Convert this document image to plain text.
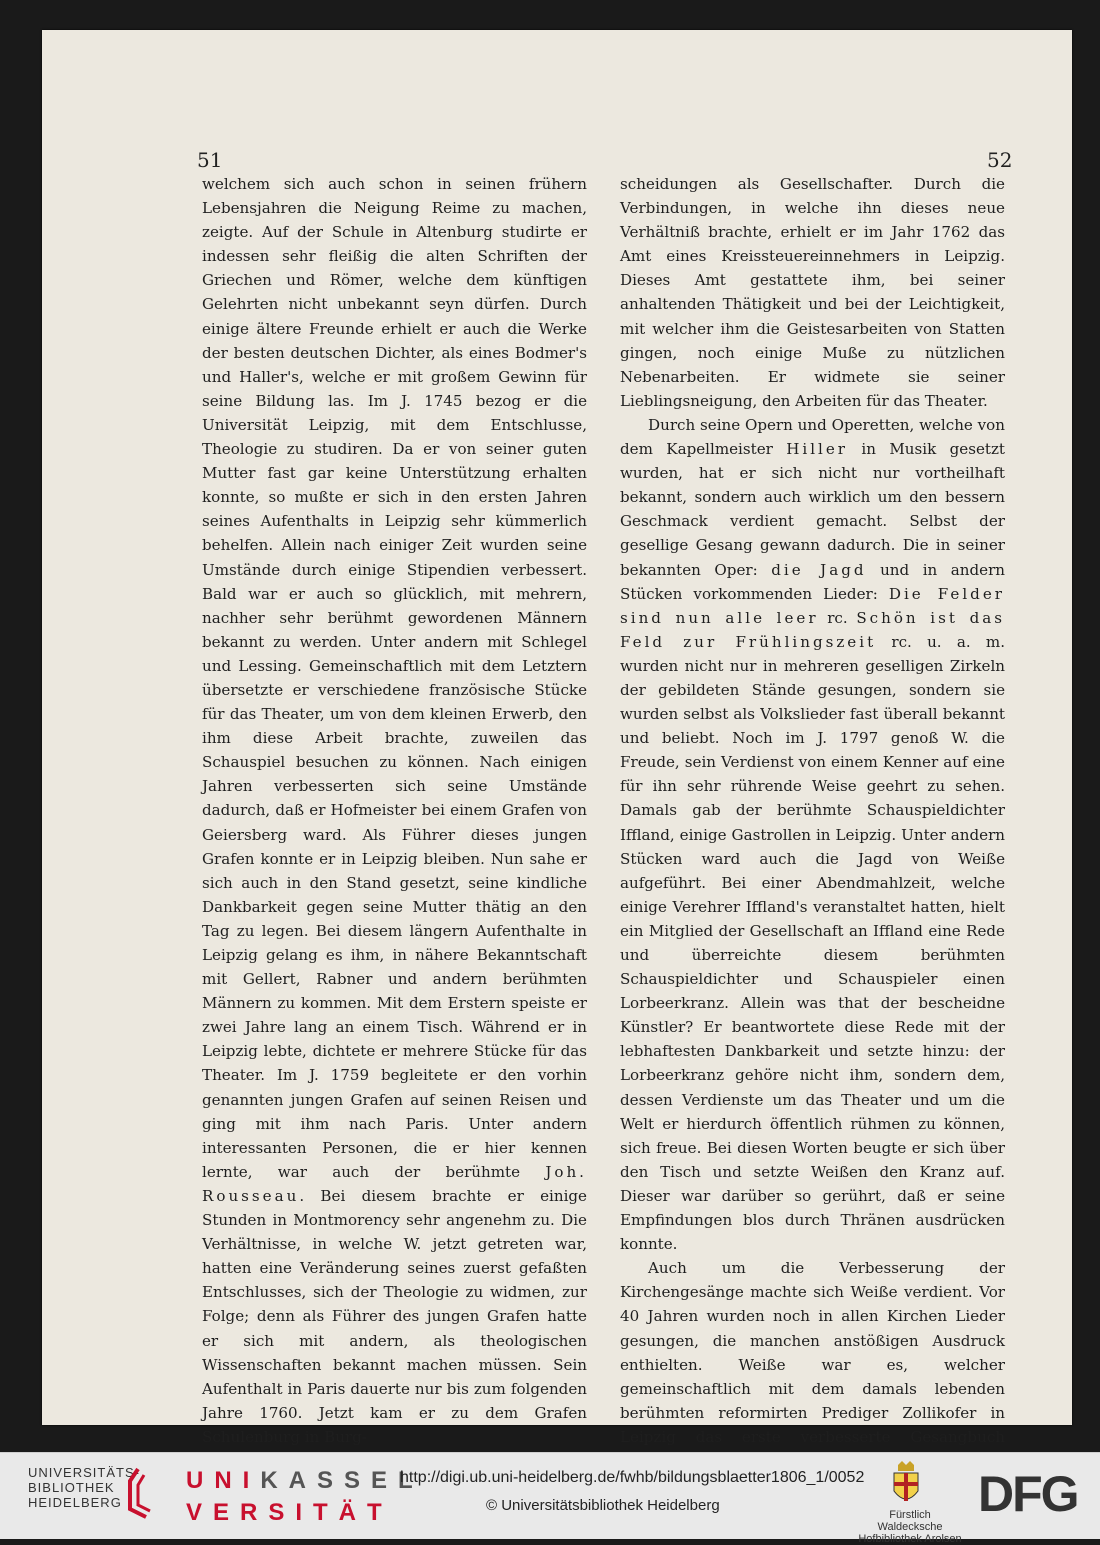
51	52

welchem sich auch schon in seinen frühern Lebensjahren die Neigung Reime zu machen, zeigte. Auf der Schule in Altenburg studirte er indessen sehr fleißig die alten Schriften der Griechen und Römer, welche dem künftigen Gelehrten nicht unbekannt seyn dürfen. Durch einige ältere Freunde erhielt er auch die Werke der besten deutschen Dichter, als eines Bodmer's und Haller's, welche er mit großem Gewinn für seine Bildung las. Im J. 1745 bezog er die Universität Leipzig, mit dem Entschlusse, Theologie zu studiren. Da er von seiner guten Mutter fast gar keine Unterstützung erhalten konnte, so mußte er sich in den ersten Jahren seines Aufenthalts in Leipzig sehr kümmerlich behelfen. Allein nach einiger Zeit wurden seine Umstände durch einige Stipendien verbessert. Bald war er auch so glücklich, mit mehrern, nachher sehr berühmt gewordenen Männern bekannt zu werden. Unter andern mit Schlegel und Lessing. Gemeinschaftlich mit dem Letztern übersetzte er verschiedene französische Stücke für das Theater, um von dem kleinen Erwerb, den ihm diese Arbeit brachte, zuweilen das Schauspiel besuchen zu können. Nach einigen Jahren verbesserten sich seine Umstände dadurch, daß er Hofmeister bei einem Grafen von Geiersberg ward. Als Führer dieses jungen Grafen konnte er in Leipzig bleiben. Nun sahe er sich auch in den Stand gesetzt, seine kindliche Dankbarkeit gegen seine Mutter thätig an den Tag zu legen. Bei diesem längern Aufenthalte in Leipzig gelang es ihm, in nähere Bekanntschaft mit Gellert, Rabner und andern berühmten Männern zu kommen. Mit dem Erstern speiste er zwei Jahre lang an einem Tisch. Während er in Leipzig lebte, dichtete er mehrere Stücke für das Theater. Im J. 1759 begleitete er den vorhin genannten jungen Grafen auf seinen Reisen und ging mit ihm nach Paris. Unter andern interessanten Personen, die er hier kennen lernte, war auch der berühmte Joh. Rousseau. Bei diesem brachte er einige Stunden in Montmorency sehr angenehm zu. Die Verhältnisse, in welche W. jetzt getreten war, hatten eine Veränderung seines zuerst gefaßten Entschlusses, sich der Theologie zu widmen, zur Folge; denn als Führer des jungen Grafen hatte er sich mit andern, als theologischen Wissenschaften bekannt machen müssen. Sein Aufenthalt in Paris dauerte nur bis zum folgenden Jahre 1760. Jetzt kam er zu dem Grafen Schulenburg in Burg-

scheidungen als Gesellschafter. Durch die Verbindungen, in welche ihn dieses neue Verhältniß brachte, erhielt er im Jahr 1762 das Amt eines Kreissteuereinnehmers in Leipzig. Dieses Amt gestattete ihm, bei seiner anhaltenden Thätigkeit und bei der Leichtigkeit, mit welcher ihm die Geistesarbeiten von Statten gingen, noch einige Muße zu nützlichen Nebenarbeiten. Er widmete sie seiner Lieblingsneigung, den Arbeiten für das Theater.

Durch seine Opern und Operetten, welche von dem Kapellmeister Hiller in Musik gesetzt wurden, hat er sich nicht nur vortheilhaft bekannt, sondern auch wirklich um den bessern Geschmack verdient gemacht. Selbst der gesellige Gesang gewann dadurch. Die in seiner bekannten Oper: die Jagd und in andern Stücken vorkommenden Lieder: Die Felder sind nun alle leer rc. Schön ist das Feld zur Frühlingszeit rc. u. a. m. wurden nicht nur in mehreren geselligen Zirkeln der gebildeten Stände gesungen, sondern sie wurden selbst als Volkslieder fast überall bekannt und beliebt. Noch im J. 1797 genoß W. die Freude, sein Verdienst von einem Kenner auf eine für ihn sehr rührende Weise geehrt zu sehen. Damals gab der berühmte Schauspieldichter Iffland, einige Gastrollen in Leipzig. Unter andern Stücken ward auch die Jagd von Weiße aufgeführt. Bei einer Abendmahlzeit, welche einige Verehrer Iffland's veranstaltet hatten, hielt ein Mitglied der Gesellschaft an Iffland eine Rede und überreichte diesem berühmten Schauspieldichter und Schauspieler einen Lorbeerkranz. Allein was that der bescheidne Künstler? Er beantwortete diese Rede mit der lebhaftesten Dankbarkeit und setzte hinzu: der Lorbeerkranz gehöre nicht ihm, sondern dem, dessen Verdienste um das Theater und um die Welt er hierdurch öffentlich rühmen zu können, sich freue. Bei diesen Worten beugte er sich über den Tisch und setzte Weißen den Kranz auf. Dieser war darüber so gerührt, daß er seine Empfindungen blos durch Thränen ausdrücken konnte.

Auch um die Verbesserung der Kirchengesänge machte sich Weiße verdient. Vor 40 Jahren wurden noch in allen Kirchen Lieder gesungen, die manchen anstößigen Ausdruck enthielten. Weiße war es, welcher gemeinschaftlich mit dem damals lebenden berühmten reformirten Prediger Zollikofer in Leipzig das erste verbesserte Gesangbuch

UNIVERSITÄTS-
BIBLIOTHEK
HEIDELBERG
UNIKASSEL
VERSITÄT
http://digi.ub.uni-heidelberg.de/fwhb/bildungsblaetter1806_1/0052
© Universitätsbibliothek Heidelberg
Fürstlich Waldecksche
Hofbibliothek Arolsen
DFG
